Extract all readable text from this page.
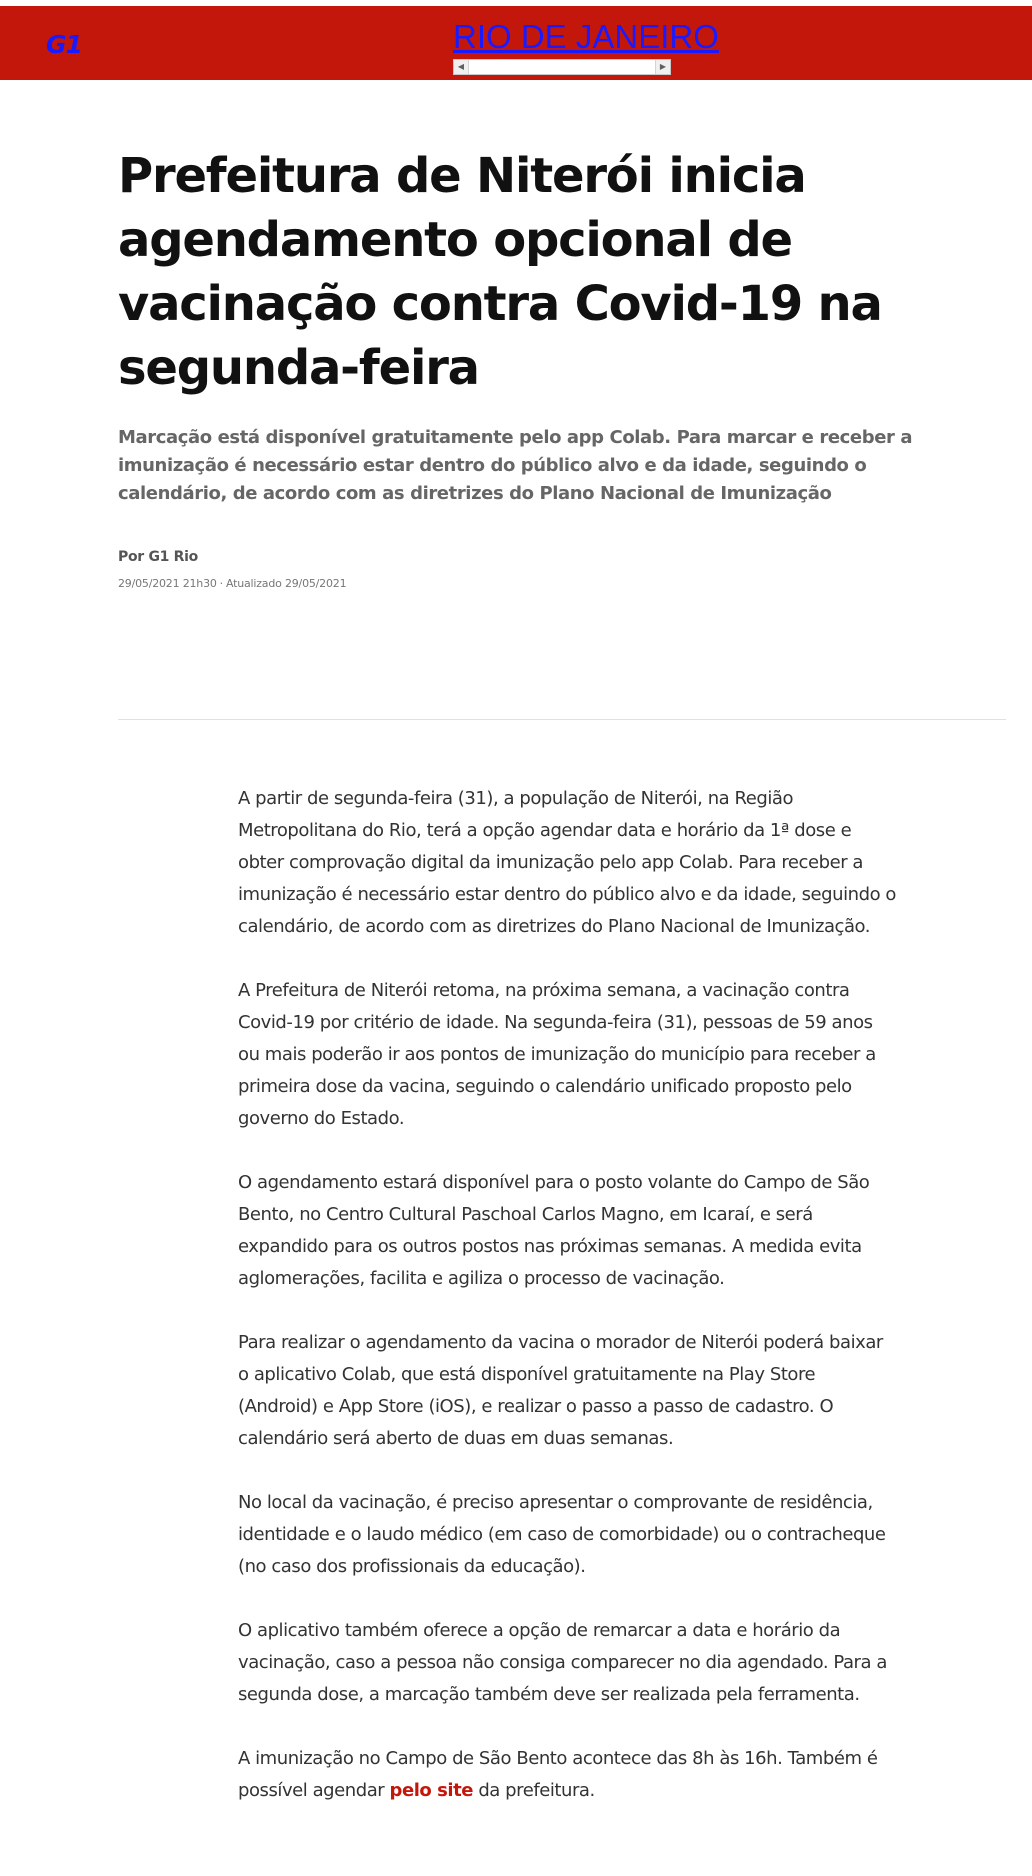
G1	RIO DE JANEIRO
◀	▶
Prefeitura de Niterói inicia agendamento opcional de vacinação contra Covid-19 na segunda-feira
Marcação está disponível gratuitamente pelo app Colab. Para marcar e receber a imunização é necessário estar dentro do público alvo e da idade, seguindo o calendário, de acordo com as diretrizes do Plano Nacional de Imunização
Por G1 Rio
29/05/2021 21h30 · Atualizado 29/05/2021

A partir de segunda-feira (31), a população de Niterói, na Região Metropolitana do Rio, terá a opção agendar data e horário da 1ª dose e obter comprovação digital da imunização pelo app Colab. Para receber a imunização é necessário estar dentro do público alvo e da idade, seguindo o calendário, de acordo com as diretrizes do Plano Nacional de Imunização.

A Prefeitura de Niterói retoma, na próxima semana, a vacinação contra Covid-19 por critério de idade. Na segunda-feira (31), pessoas de 59 anos ou mais poderão ir aos pontos de imunização do município para receber a primeira dose da vacina, seguindo o calendário unificado proposto pelo governo do Estado.

O agendamento estará disponível para o posto volante do Campo de São Bento, no Centro Cultural Paschoal Carlos Magno, em Icaraí, e será expandido para os outros postos nas próximas semanas. A medida evita aglomerações, facilita e agiliza o processo de vacinação.

Para realizar o agendamento da vacina o morador de Niterói poderá baixar o aplicativo Colab, que está disponível gratuitamente na Play Store (Android) e App Store (iOS), e realizar o passo a passo de cadastro. O calendário será aberto de duas em duas semanas.

No local da vacinação, é preciso apresentar o comprovante de residência, identidade e o laudo médico (em caso de comorbidade) ou o contracheque (no caso dos profissionais da educação).

O aplicativo também oferece a opção de remarcar a data e horário da vacinação, caso a pessoa não consiga comparecer no dia agendado. Para a segunda dose, a marcação também deve ser realizada pela ferramenta.

A imunização no Campo de São Bento acontece das 8h às 16h. Também é possível agendar pelo site da prefeitura.
